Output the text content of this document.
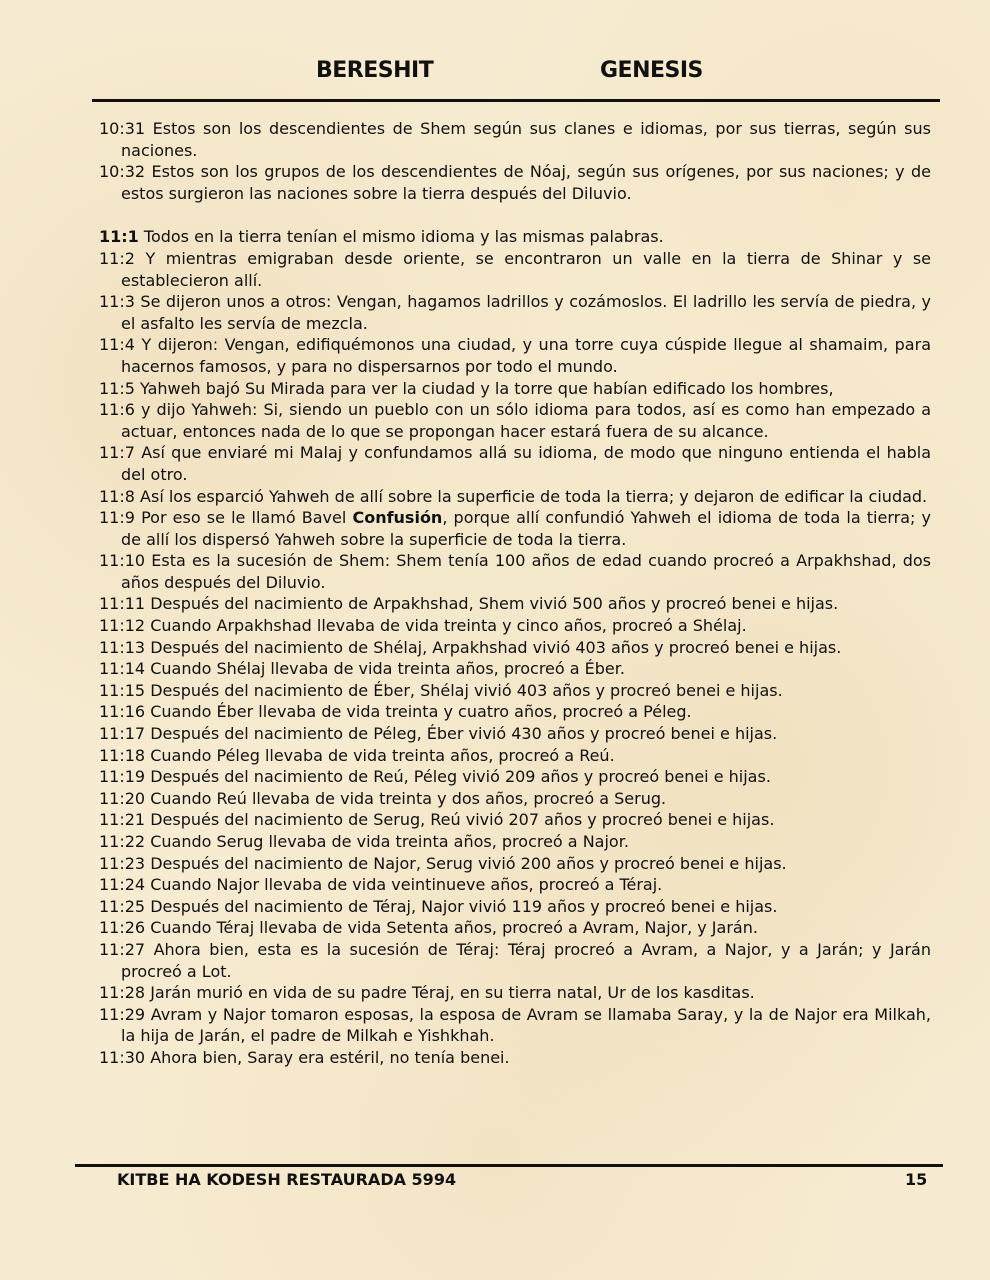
BERESHIT	GENESIS

10:31 Estos son los descendientes de Shem según sus clanes e idiomas, por sus tierras, según sus naciones.

10:32 Estos son los grupos de los descendientes de Nóaj, según sus orígenes, por sus naciones; y de estos surgieron las naciones sobre la tierra después del Diluvio.

11:1 Todos en la tierra tenían el mismo idioma y las mismas palabras.

11:2 Y mientras emigraban desde oriente, se encontraron un valle en la tierra de Shinar y se establecieron allí.

11:3 Se dijeron unos a otros: Vengan, hagamos ladrillos y cozámoslos. El ladrillo les servía de piedra, y el asfalto les servía de mezcla.

11:4 Y dijeron: Vengan, edifiquémonos una ciudad, y una torre cuya cúspide llegue al shamaim, para hacernos famosos, y para no dispersarnos por todo el mundo.

11:5 Yahweh bajó Su Mirada para ver la ciudad y la torre que habían edificado los hombres,

11:6 y dijo Yahweh: Si, siendo un pueblo con un sólo idioma para todos, así es como han empezado a actuar, entonces nada de lo que se propongan hacer estará fuera de su alcance.

11:7 Así que enviaré mi Malaj y confundamos allá su idioma, de modo que ninguno entienda el habla del otro.

11:8 Así los esparció Yahweh de allí sobre la superficie de toda la tierra; y dejaron de edificar la ciudad.

11:9 Por eso se le llamó Bavel Confusión, porque allí confundió Yahweh el idioma de toda la tierra; y de allí los dispersó Yahweh sobre la superficie de toda la tierra.

11:10 Esta es la sucesión de Shem: Shem tenía 100 años de edad cuando procreó a Arpakhshad, dos años después del Diluvio.

11:11 Después del nacimiento de Arpakhshad, Shem vivió 500 años y procreó benei e hijas.

11:12 Cuando Arpakhshad llevaba de vida treinta y cinco años, procreó a Shélaj.

11:13 Después del nacimiento de Shélaj, Arpakhshad vivió 403 años y procreó benei e hijas.

11:14 Cuando Shélaj llevaba de vida treinta años, procreó a Éber.

11:15 Después del nacimiento de Éber, Shélaj vivió 403 años y procreó benei e hijas.

11:16 Cuando Éber llevaba de vida treinta y cuatro años, procreó a Péleg.

11:17 Después del nacimiento de Péleg, Éber vivió 430 años y procreó benei e hijas.

11:18 Cuando Péleg llevaba de vida treinta años, procreó a Reú.

11:19 Después del nacimiento de Reú, Péleg vivió 209 años y procreó benei e hijas.

11:20 Cuando Reú llevaba de vida treinta y dos años, procreó a Serug.

11:21 Después del nacimiento de Serug, Reú vivió 207 años y procreó benei e hijas.

11:22 Cuando Serug llevaba de vida treinta años, procreó a Najor.

11:23 Después del nacimiento de Najor, Serug vivió 200 años y procreó benei e hijas.

11:24 Cuando Najor llevaba de vida veintinueve años, procreó a Téraj.

11:25 Después del nacimiento de Téraj, Najor vivió 119 años y procreó benei e hijas.

11:26 Cuando Téraj llevaba de vida Setenta años, procreó a Avram, Najor, y Jarán.

11:27 Ahora bien, esta es la sucesión de Téraj: Téraj procreó a Avram, a Najor, y a Jarán; y Jarán procreó a Lot.

11:28 Jarán murió en vida de su padre Téraj, en su tierra natal, Ur de los kasditas.

11:29 Avram y Najor tomaron esposas, la esposa de Avram se llamaba Saray, y la de Najor era Milkah, la hija de Jarán, el padre de Milkah e Yishkhah.

11:30 Ahora bien, Saray era estéril, no tenía benei.

KITBE HA KODESH RESTAURADA 5994	15
